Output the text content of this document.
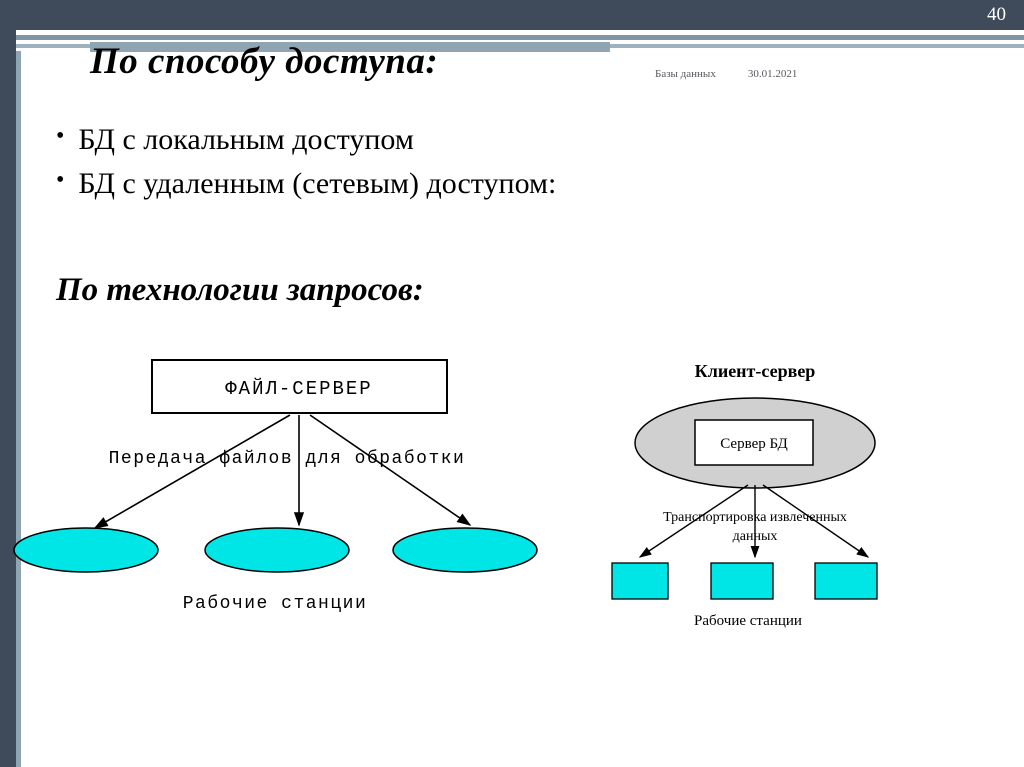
40
По способу доступа:	Базы данных	30.01.2021
• БД с локальным доступом
• БД с удаленным (сетевым) доступом:
По технологии запросов:
ФАЙЛ-СЕРВЕР
Передача файлов для обработки
Рабочие станции
Клиент-сервер
Сервер БД
Транспортировка извлеченных
данных
Рабочие станции
